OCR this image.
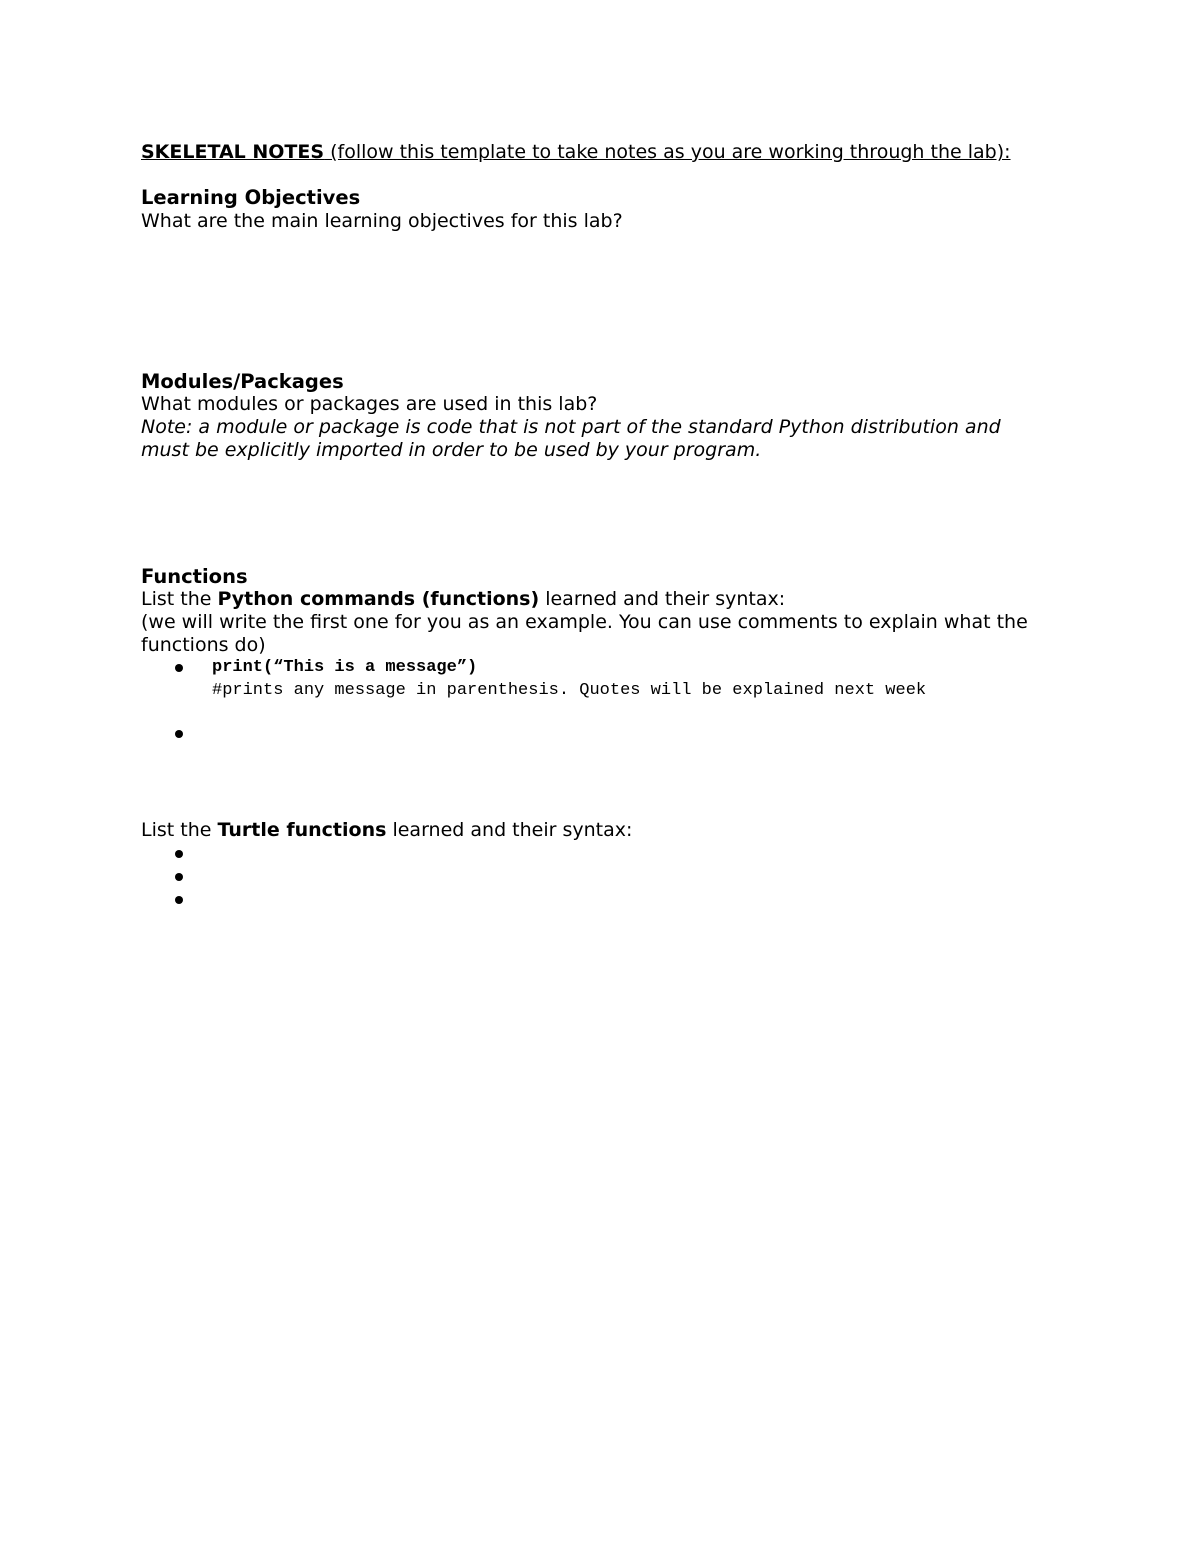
SKELETAL NOTES (follow this template to take notes as you are working through the lab):
Learning Objectives
What are the main learning objectives for this lab?
Modules/Packages
What modules or packages are used in this lab?
Note: a module or package is code that is not part of the standard Python distribution and must be explicitly imported in order to be used by your program.
Functions
List the Python commands (functions) learned and their syntax:
(we will write the first one for you as an example. You can use comments to explain what the functions do)
print(“This is a message”)
#prints any message in parenthesis. Quotes will be explained next week
List the Turtle functions learned and their syntax:
